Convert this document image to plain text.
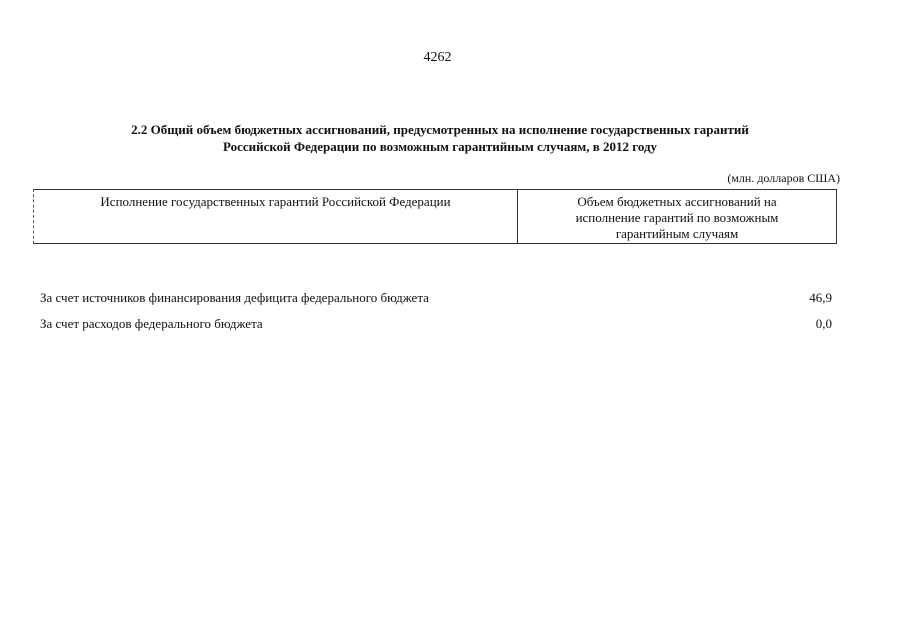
4262
2.2 Общий объем бюджетных ассигнований, предусмотренных на исполнение государственных гарантий
Российской Федерации по возможным гарантийным случаям, в 2012 году
(млн. долларов США)
Исполнение государственных гарантий Российской Федерации	Объем бюджетных ассигнований на
исполнение гарантий по возможным
гарантийным случаям
За счет источников финансирования дефицита федерального бюджета	46,9
За счет расходов федерального бюджета	0,0
